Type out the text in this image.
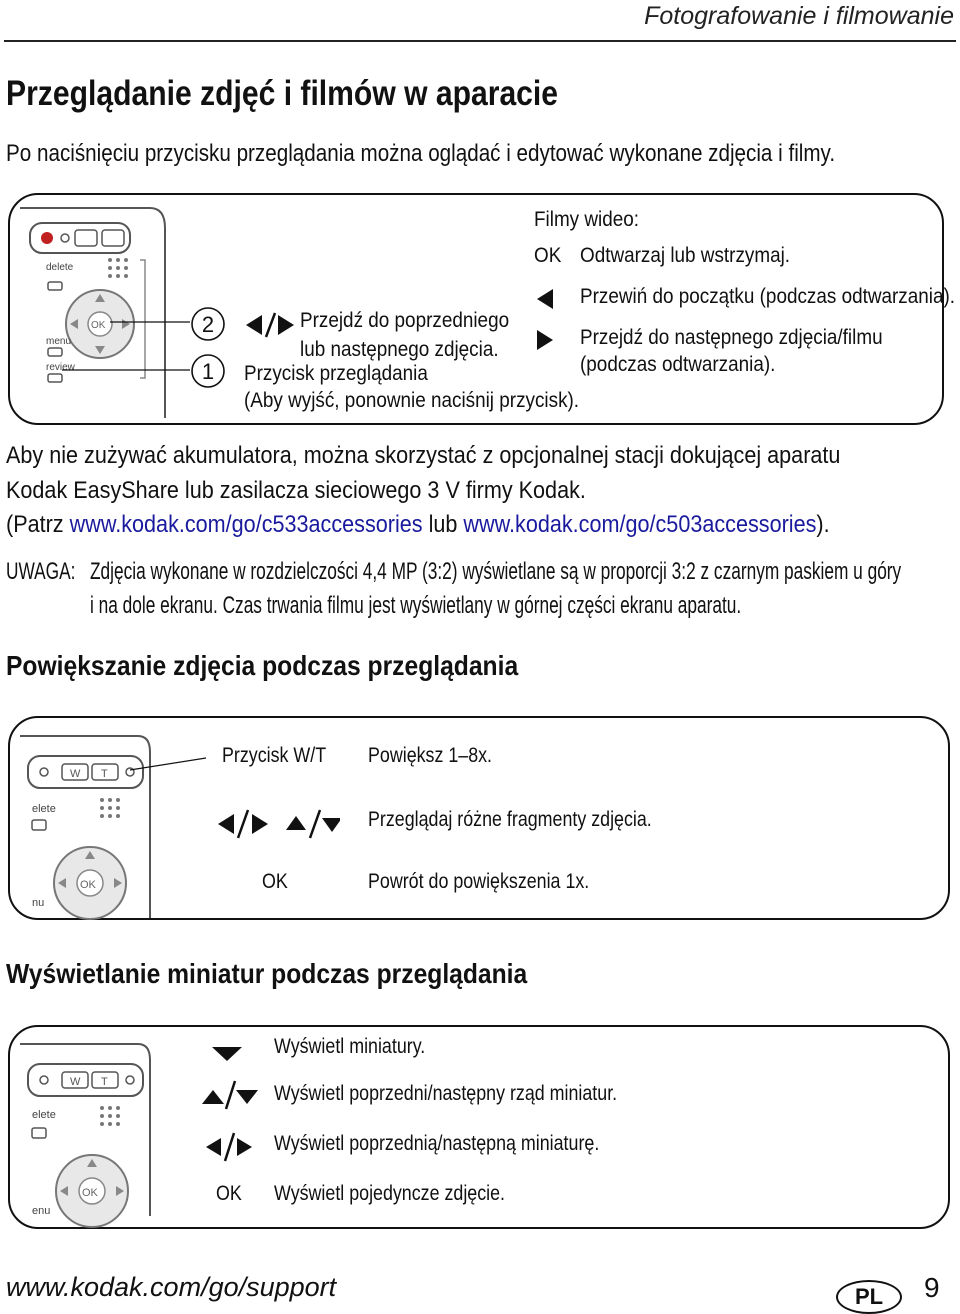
Fotografowanie i filmowanie
Przeglądanie zdjęć i filmów w aparacie
Po naciśnięciu przycisku przeglądania można oglądać i edytować wykonane zdjęcia i filmy.
delete
OK
menu
review
2
1
Przejdź do poprzedniego
lub następnego zdjęcia.
Przycisk przeglądania
(Aby wyjść, ponownie naciśnij przycisk).
Filmy wideo:
OK Odtwarzaj lub wstrzymaj.
Przewiń do początku (podczas odtwarzania).
Przejdź do następnego zdjęcia/filmu
(podczas odtwarzania).
Aby nie zużywać akumulatora, można skorzystać z opcjonalnej stacji dokującej aparatu
Kodak EasyShare lub zasilacza sieciowego 3 V firmy Kodak.
(Patrz www.kodak.com/go/c533accessories lub www.kodak.com/go/c503accessories).
UWAGA: Zdjęcia wykonane w rozdzielczości 4,4 MP (3:2) wyświetlane są w proporcji 3:2 z czarnym paskiem u góry
i na dole ekranu. Czas trwania filmu jest wyświetlany w górnej części ekranu aparatu.
Powiększanie zdjęcia podczas przeglądania
W T
elete
OK
nu
Przycisk W/T	Powiększ 1–8x.
Przeglądaj różne fragmenty zdjęcia.
OK	Powrót do powiększenia 1x.
Wyświetlanie miniatur podczas przeglądania
W T
elete
OK
enu
Wyświetl miniatury.
Wyświetl poprzedni/następny rząd miniatur.
Wyświetl poprzednią/następną miniaturę.
OK Wyświetl pojedyncze zdjęcie.
www.kodak.com/go/support	PL	9
